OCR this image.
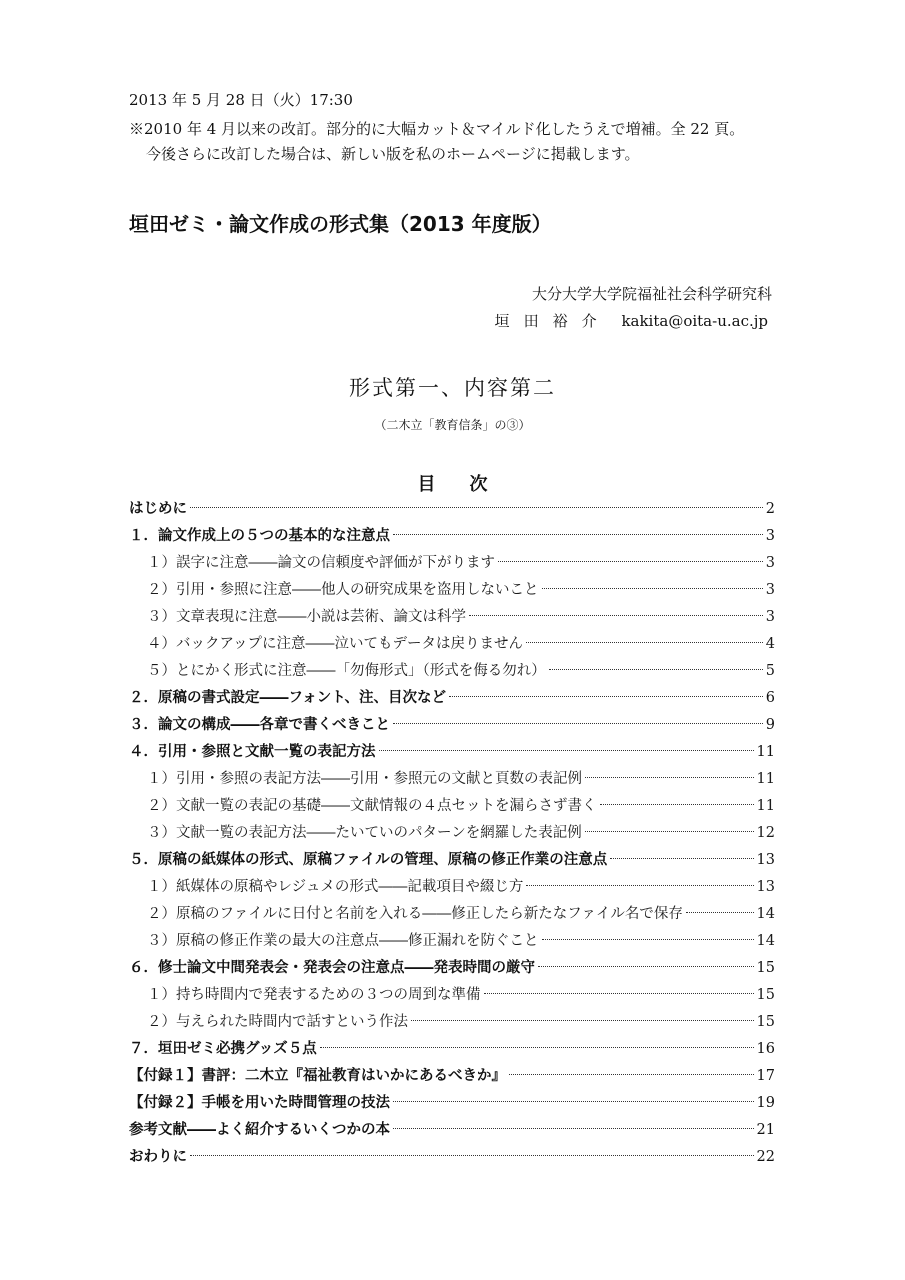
2013 年 5 月 28 日（火）17:30
※2010 年 4 月以来の改訂。部分的に大幅カット＆マイルド化したうえで増補。全 22 頁。
今後さらに改訂した場合は、新しい版を私のホームページに掲載します。
垣田ゼミ・論文作成の形式集（2013 年度版）
大分大学大学院福祉社会科学研究科
垣田裕介 kakita@oita-u.ac.jp
形式第一、内容第二
（二木立「教育信条」の③）
目次
はじめに	2
１．論文作成上の５つの基本的な注意点	3
１）誤字に注意――論文の信頼度や評価が下がります	3
２）引用・参照に注意――他人の研究成果を盗用しないこと	3
３）文章表現に注意――小説は芸術、論文は科学	3
４）バックアップに注意――泣いてもデータは戻りません	4
５）とにかく形式に注意――「勿侮形式」（形式を侮る勿れ）	5
２．原稿の書式設定――フォント、注、目次など	6
３．論文の構成――各章で書くべきこと	9
４．引用・参照と文献一覧の表記方法	11
１）引用・参照の表記方法――引用・参照元の文献と頁数の表記例	11
２）文献一覧の表記の基礎――文献情報の４点セットを漏らさず書く	11
３）文献一覧の表記方法――たいていのパターンを網羅した表記例	12
５．原稿の紙媒体の形式、原稿ファイルの管理、原稿の修正作業の注意点	13
１）紙媒体の原稿やレジュメの形式――記載項目や綴じ方	13
２）原稿のファイルに日付と名前を入れる――修正したら新たなファイル名で保存	14
３）原稿の修正作業の最大の注意点――修正漏れを防ぐこと	14
６．修士論文中間発表会・発表会の注意点――発表時間の厳守	15
１）持ち時間内で発表するための３つの周到な準備	15
２）与えられた時間内で話すという作法	15
７．垣田ゼミ必携グッズ５点	16
【付録１】書評：二木立『福祉教育はいかにあるべきか』	17
【付録２】手帳を用いた時間管理の技法	19
参考文献――よく紹介するいくつかの本	21
おわりに	22
